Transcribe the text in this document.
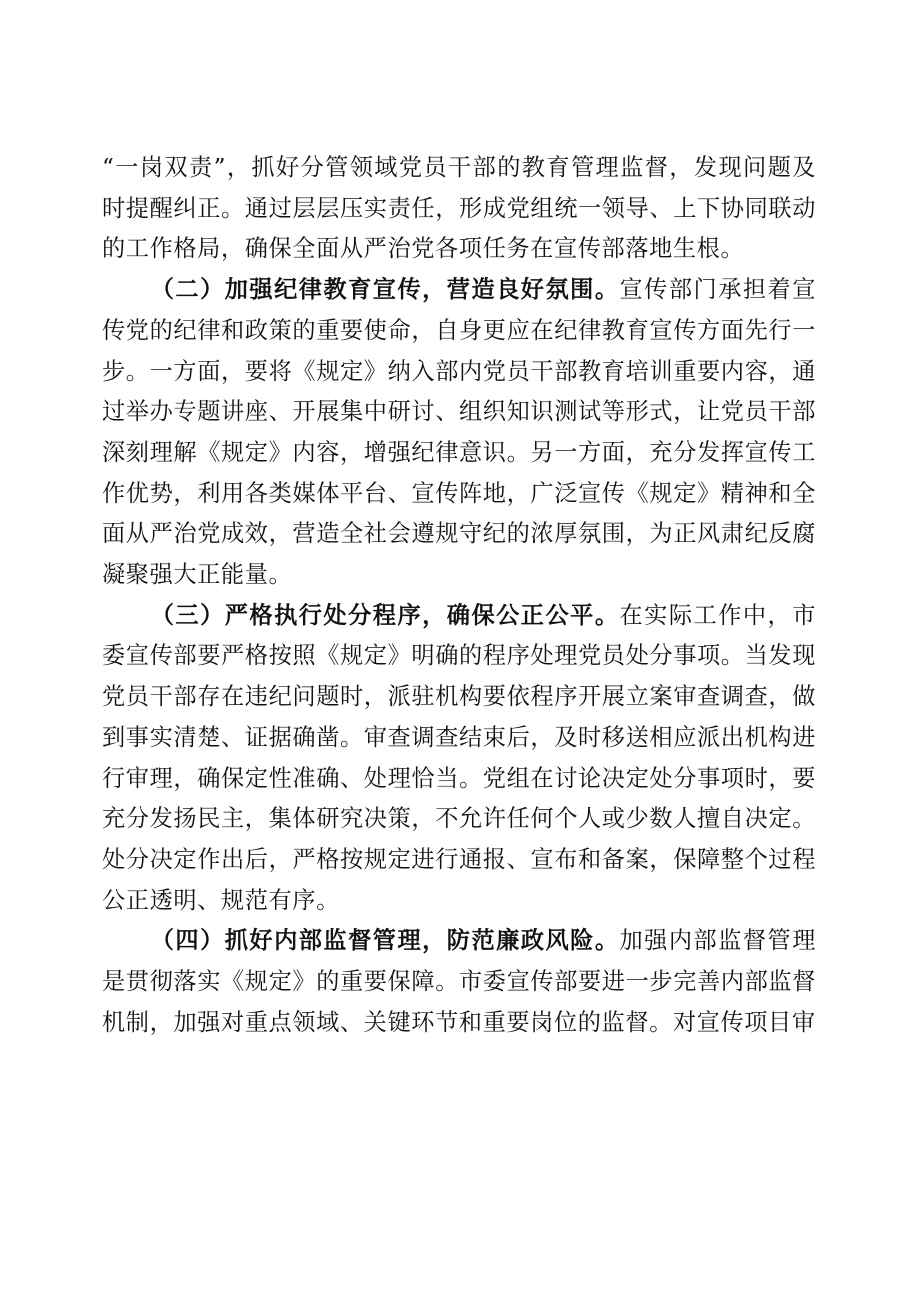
“一岗双责”，抓好分管领域党员干部的教育管理监督，发现问题及时提醒纠正。通过层层压实责任，形成党组统一领导、上下协同联动的工作格局，确保全面从严治党各项任务在宣传部落地生根。

（二）加强纪律教育宣传，营造良好氛围。宣传部门承担着宣传党的纪律和政策的重要使命，自身更应在纪律教育宣传方面先行一步。一方面，要将《规定》纳入部内党员干部教育培训重要内容，通过举办专题讲座、开展集中研讨、组织知识测试等形式，让党员干部深刻理解《规定》内容，增强纪律意识。另一方面，充分发挥宣传工作优势，利用各类媒体平台、宣传阵地，广泛宣传《规定》精神和全面从严治党成效，营造全社会遵规守纪的浓厚氛围，为正风肃纪反腐凝聚强大正能量。

（三）严格执行处分程序，确保公正公平。在实际工作中，市委宣传部要严格按照《规定》明确的程序处理党员处分事项。当发现党员干部存在违纪问题时，派驻机构要依程序开展立案审查调查，做到事实清楚、证据确凿。审查调查结束后，及时移送相应派出机构进行审理，确保定性准确、处理恰当。党组在讨论决定处分事项时，要充分发扬民主，集体研究决策，不允许任何个人或少数人擅自决定。处分决定作出后，严格按规定进行通报、宣布和备案，保障整个过程公正透明、规范有序。

（四）抓好内部监督管理，防范廉政风险。加强内部监督管理是贯彻落实《规定》的重要保障。市委宣传部要进一步完善内部监督机制，加强对重点领域、关键环节和重要岗位的监督。对宣传项目审
